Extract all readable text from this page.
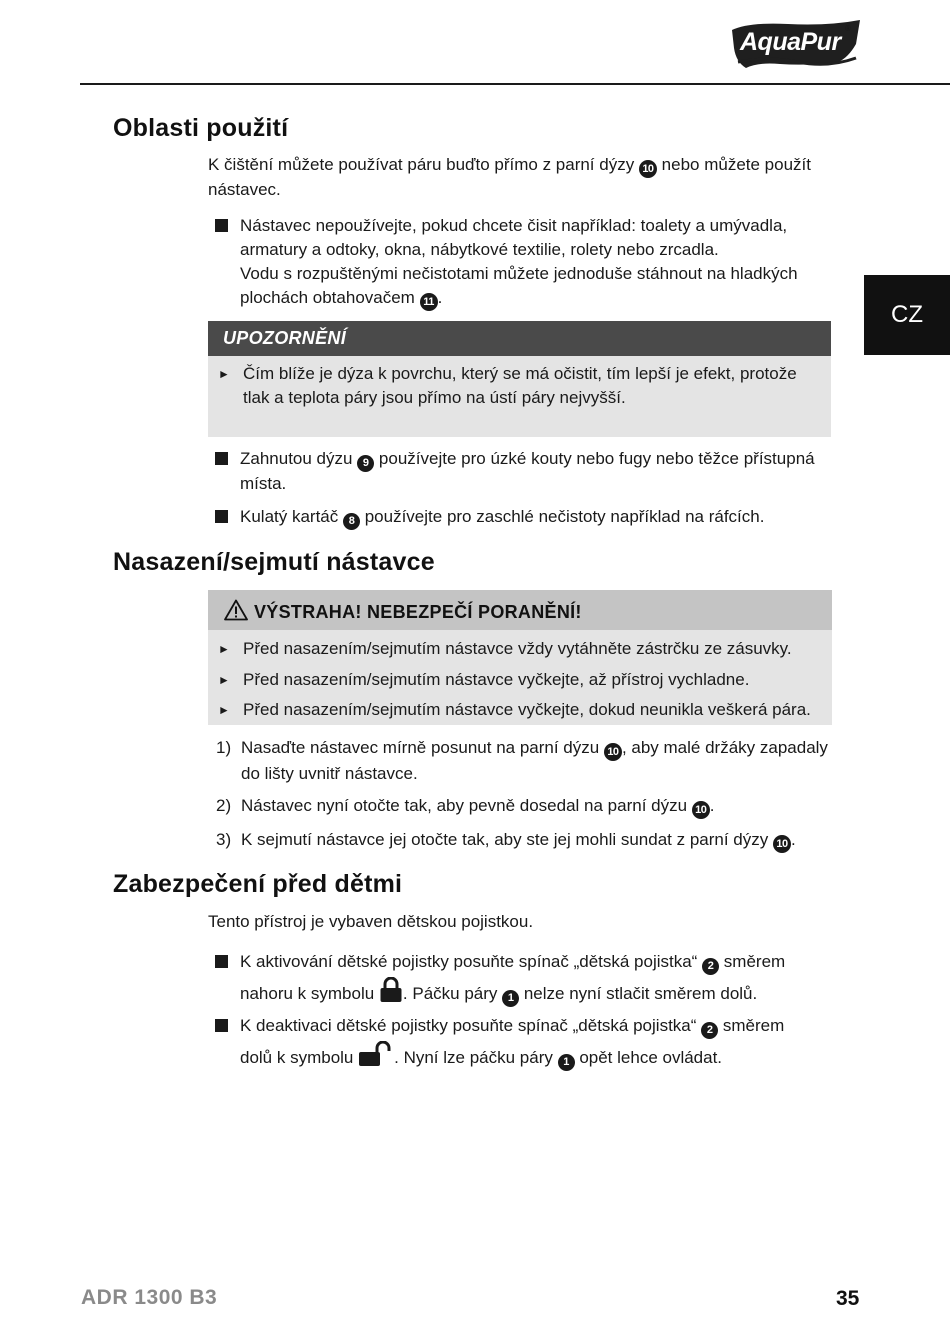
AquaPur ®
CZ
Oblasti použití
K čištění můžete používat páru buďto přímo z parní dýzy 10 nebo můžete použít nástavec.
Nástavec nepoužívejte, pokud chcete čisit například: toalety a umývadla,
armatury a odtoky, okna, nábytkové textilie, rolety nebo zrcadla.
Vodu s rozpuštěnými nečistotami můžete jednoduše stáhnout na hladkých
plochách obtahovačem 11 .
UPOZORNĚNÍ
► Čím blíže je dýza k povrchu, který se má očistit, tím lepší je efekt, protože tlak a teplota páry jsou přímo na ústí páry nejvyšší.
Zahnutou dýzu 9 používejte pro úzké kouty nebo fugy nebo těžce přístupná místa.
Kulatý kartáč 8 používejte pro zaschlé nečistoty například na ráfcích.
Nasazení/sejmutí nástavce
VÝSTRAHA! NEBEZPEČÍ PORANĚNÍ!
► Před nasazením/sejmutím nástavce vždy vytáhněte zástrčku ze zásuvky.
► Před nasazením/sejmutím nástavce vyčkejte, až přístroj vychladne.
► Před nasazením/sejmutím nástavce vyčkejte, dokud neunikla veškerá pára.
1) Nasaďte nástavec mírně posunut na parní dýzu 10 , aby malé držáky zapadaly do lišty uvnitř nástavce.
2) Nástavec nyní otočte tak, aby pevně dosedal na parní dýzu 10 .
3) K sejmutí nástavce jej otočte tak, aby ste jej mohli sundat z parní dýzy 10 .
Zabezpečení před dětmi
Tento přístroj je vybaven dětskou pojistkou.
K aktivování dětské pojistky posuňte spínač „dětská pojistka“ 2 směrem
nahoru k symbolu . Páčku páry 1 nelze nyní stlačit směrem dolů.
K deaktivaci dětské pojistky posuňte spínač „dětská pojistka“ 2 směrem
dolů k symbolu . Nyní lze páčku páry 1 opět lehce ovládat.
ADR 1300 B3	35
